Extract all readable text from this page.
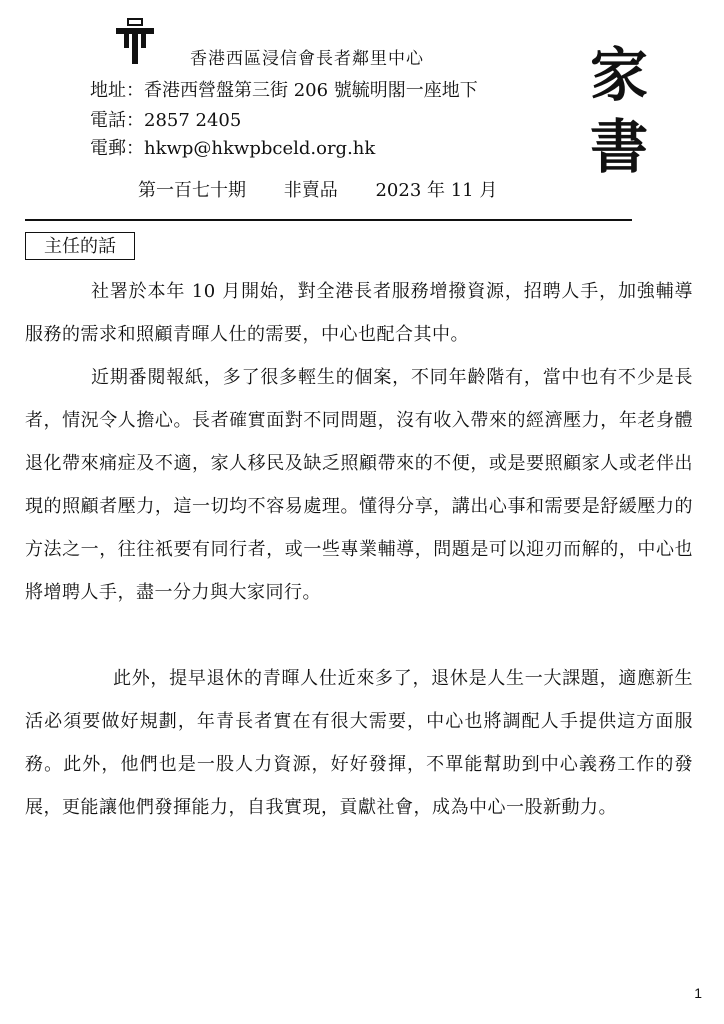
香港西區浸信會長者鄰里中心
地址：香港西營盤第三街 206 號毓明閣一座地下
電話：2857 2405
電郵：hkwp@hkwpbceld.org.hk
第一百七十期 非賣品 2023 年 11 月
家
書
主任的話
社署於本年 10 月開始，對全港長者服務增撥資源，招聘人手，加強輔導服務的需求和照顧青暉人仕的需要，中心也配合其中。
近期番閱報紙，多了很多輕生的個案，不同年齡階有，當中也有不少是長者，情況令人擔心。長者確實面對不同問題，沒有收入帶來的經濟壓力，年老身體退化帶來痛症及不適，家人移民及缺乏照顧帶來的不便，或是要照顧家人或老伴出現的照顧者壓力，這一切均不容易處理。懂得分享，講出心事和需要是舒緩壓力的方法之一，往往祇要有同行者，或一些專業輔導，問題是可以迎刃而解的，中心也將增聘人手，盡一分力與大家同行。
此外，提早退休的青暉人仕近來多了，退休是人生一大課題，適應新生活必須要做好規劃，年青長者實在有很大需要，中心也將調配人手提供這方面服務。此外，他們也是一股人力資源，好好發揮，不單能幫助到中心義務工作的發展，更能讓他們發揮能力，自我實現，貢獻社會，成為中心一股新動力。
1
